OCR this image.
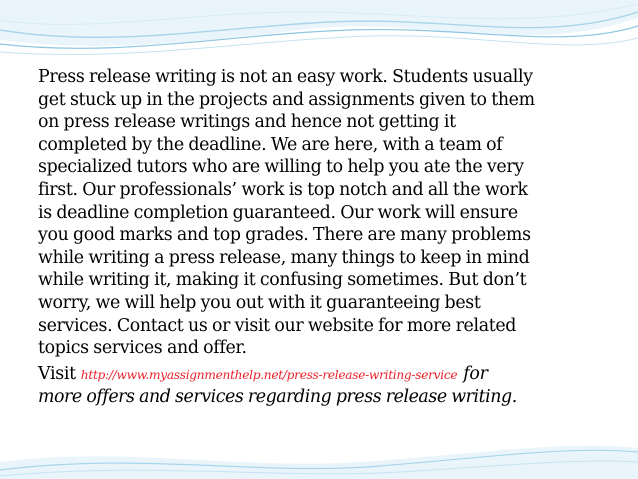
Press release writing is not an easy work. Students usually
get stuck up in the projects and assignments given to them
on press release writings and hence not getting it
completed by the deadline. We are here, with a team of
specialized tutors who are willing to help you ate the very
first. Our professionals’ work is top notch and all the work
is deadline completion guaranteed. Our work will ensure
you good marks and top grades. There are many problems
while writing a press release, many things to keep in mind
while writing it, making it confusing sometimes. But don’t
worry, we will help you out with it guaranteeing best
services. Contact us or visit our website for more related
topics services and offer.
Visit http://www.myassignmenthelp.net/press-release-writing-service for
more offers and services regarding press release writing.
